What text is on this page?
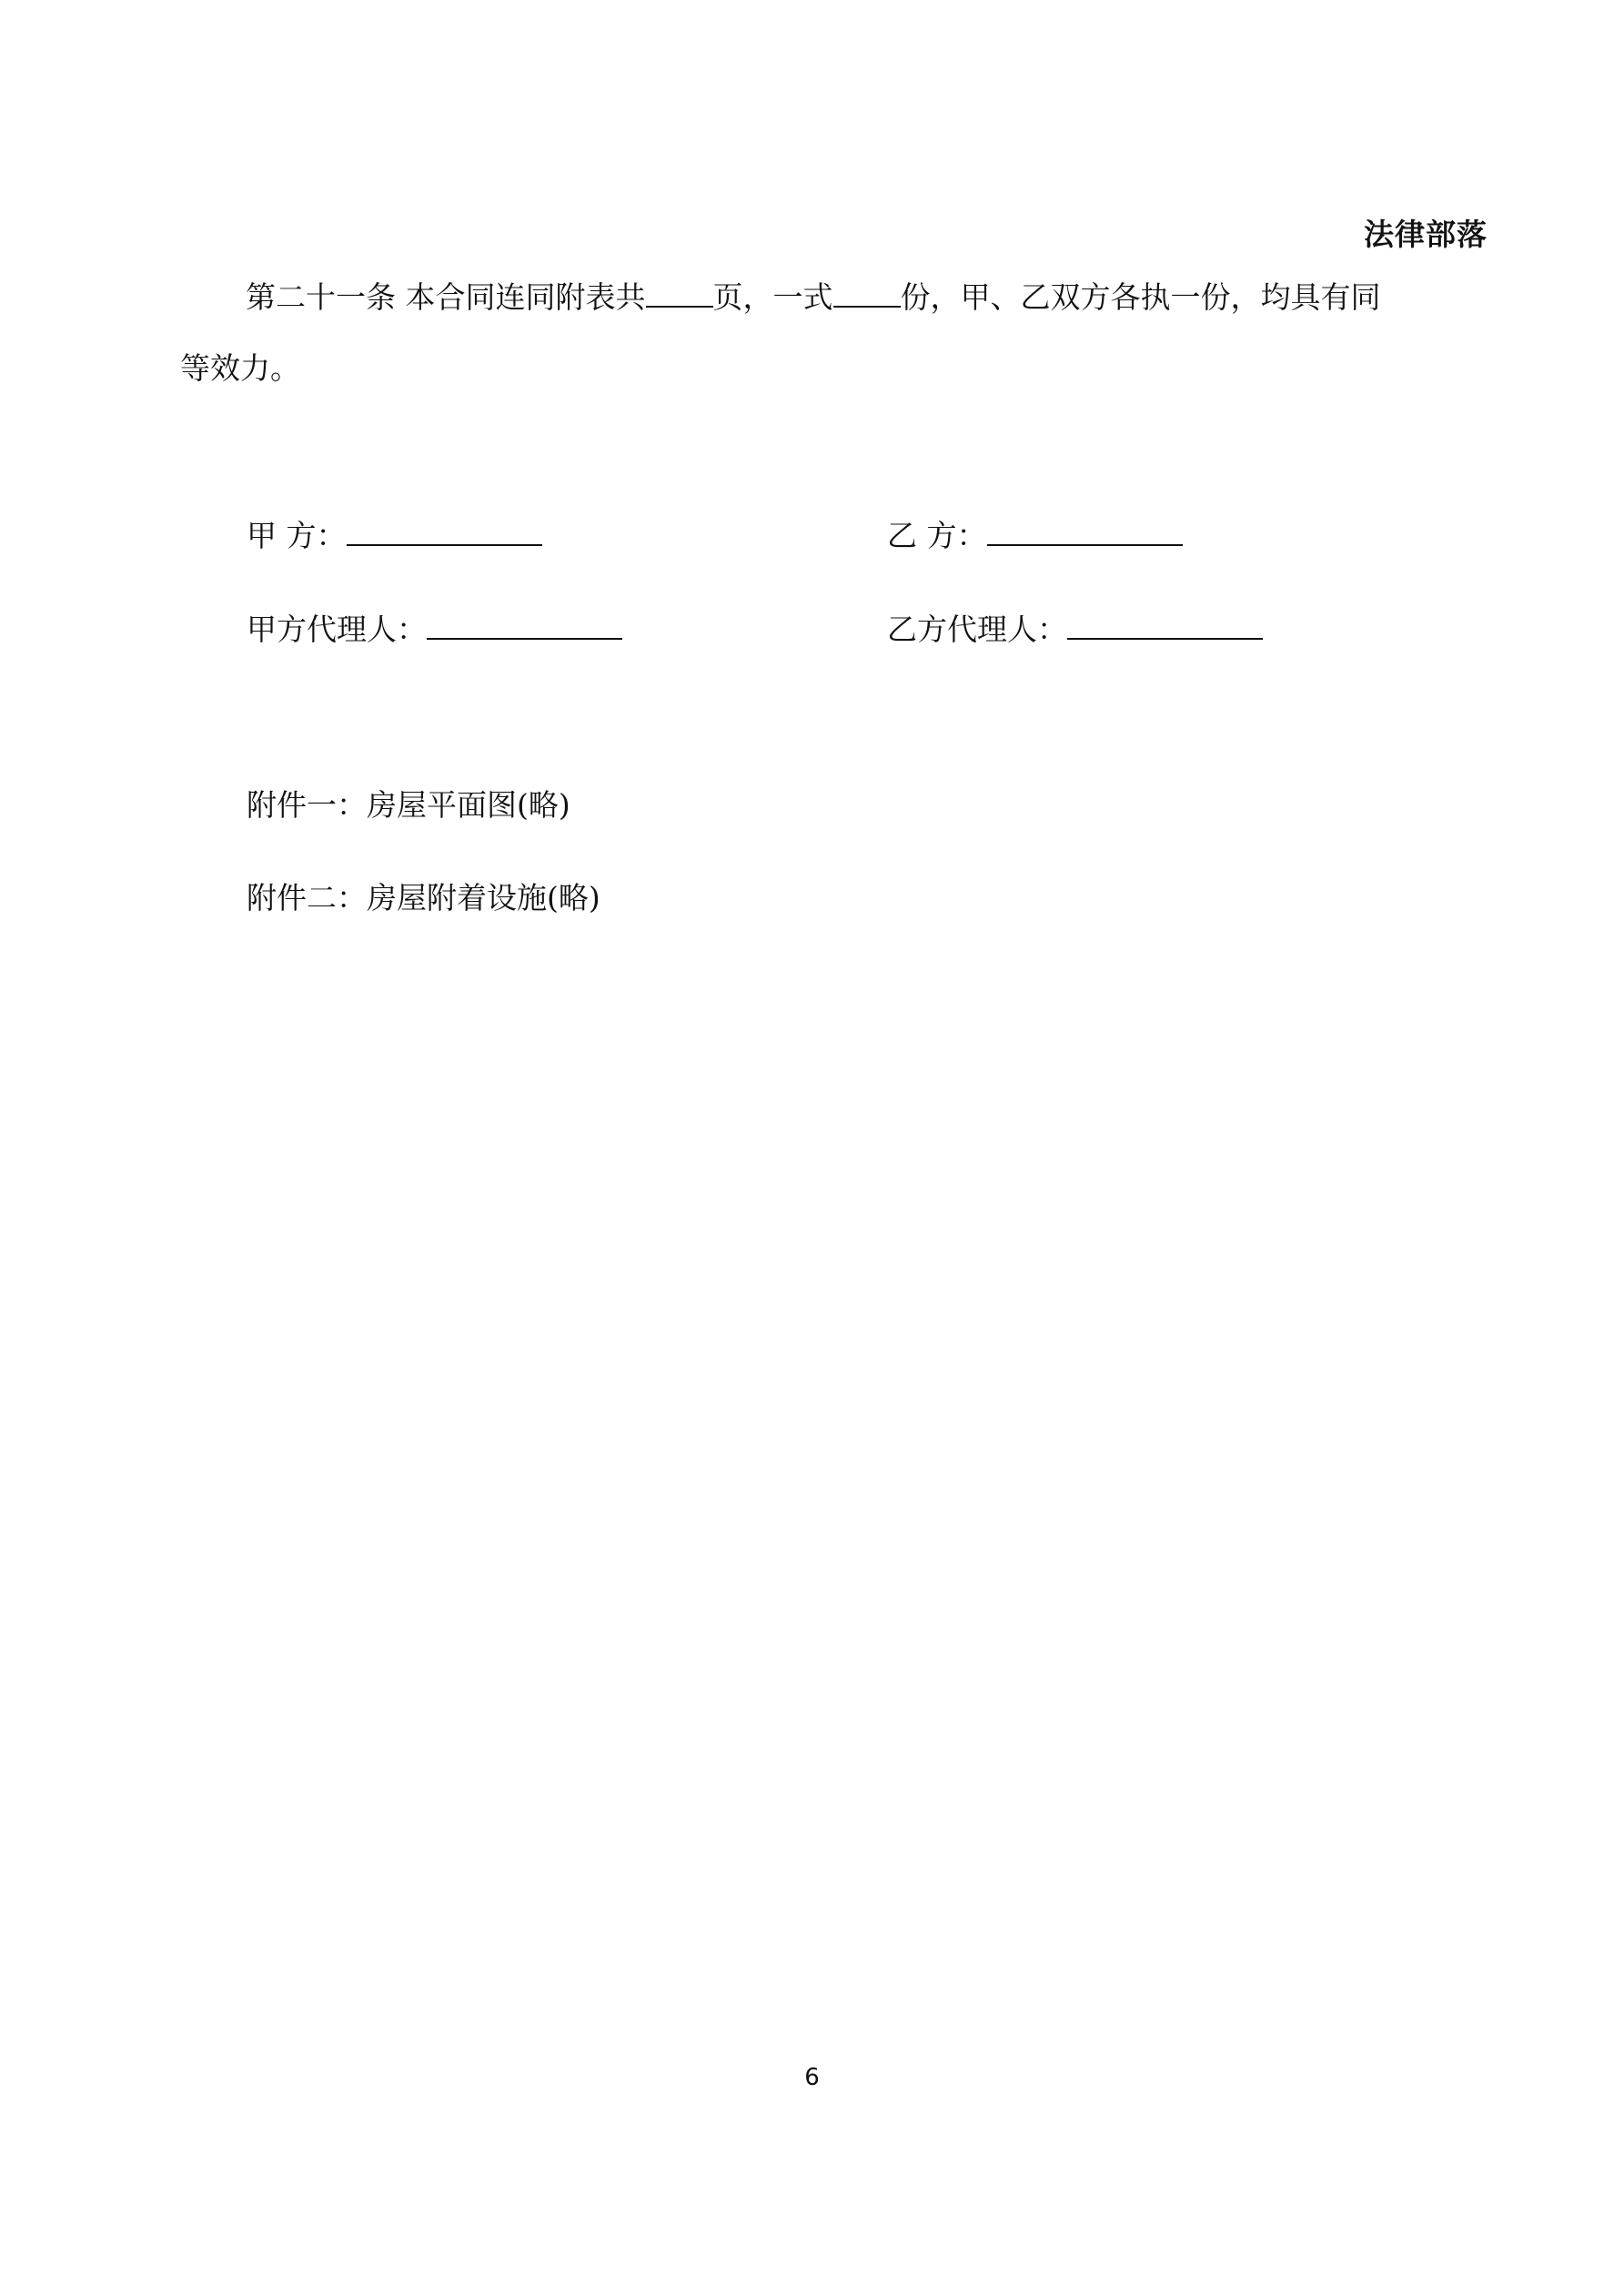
法律部落
第二十一条 本合同连同附表共 页，一式 份，甲、乙双方各执一份，均具有同
等效力。
甲 方：	乙 方：
甲方代理人：	乙方代理人：
附件一：房屋平面图(略)
附件二：房屋附着设施(略)
6
